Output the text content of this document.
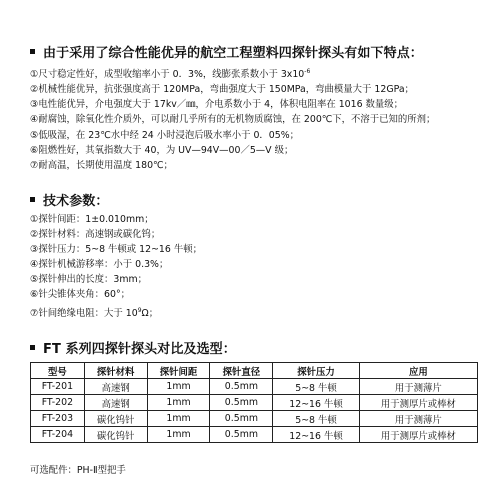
由于采用了综合性能优异的航空工程塑料四探针探头有如下特点：
①尺寸稳定性好，成型收缩率小于 0．3%，线膨张系数小于 $3x10^{-6}$
②机械性能优异，抗张强度高于 120MPa，弯曲强度大于 150MPa，弯曲模量大于 12GPa；
③电性能优异，介电强度大于 17kv／㎜，介电系数小于 4，体积电阻率在 1016 数量级；
④耐腐蚀，除氧化性介质外，可以耐几乎所有的无机物质腐蚀，在 200℃下，不溶于已知的所剂；
⑤低吸湿，在 23℃水中经 24 小时浸泡后吸水率小于 0．05%；
⑥阻燃性好，其氧指数大于 40，为 UV—94V—00／5—V 级；
⑦耐高温，长期使用温度 180℃；
技术参数：
①探针间距：1±0.010mm；
②探针材料：高速钢或碳化钨；
③探针压力：5~8 牛顿或 12~16 牛顿；
④探针机械游移率：小于 0.3%；
⑤探针伸出的长度：3mm；
⑥针尖锥体夹角：60°；
⑦针间绝缘电阻：大于 $10^9\Omega$；
FT 系列四探针探头对比及选型：
型号	探针材料	探针间距	探针直径	探针压力	应用
FT-201	高速钢	1mm	0.5mm	5~8 牛顿	用于测薄片
FT-202	高速钢	1mm	0.5mm	12~16 牛顿	用于测厚片或棒材
FT-203	碳化钨针	1mm	0.5mm	5~8 牛顿	用于测薄片
FT-204	碳化钨针	1mm	0.5mm	12~16 牛顿	用于测厚片或棒材
可选配件：PH-Ⅱ型把手
